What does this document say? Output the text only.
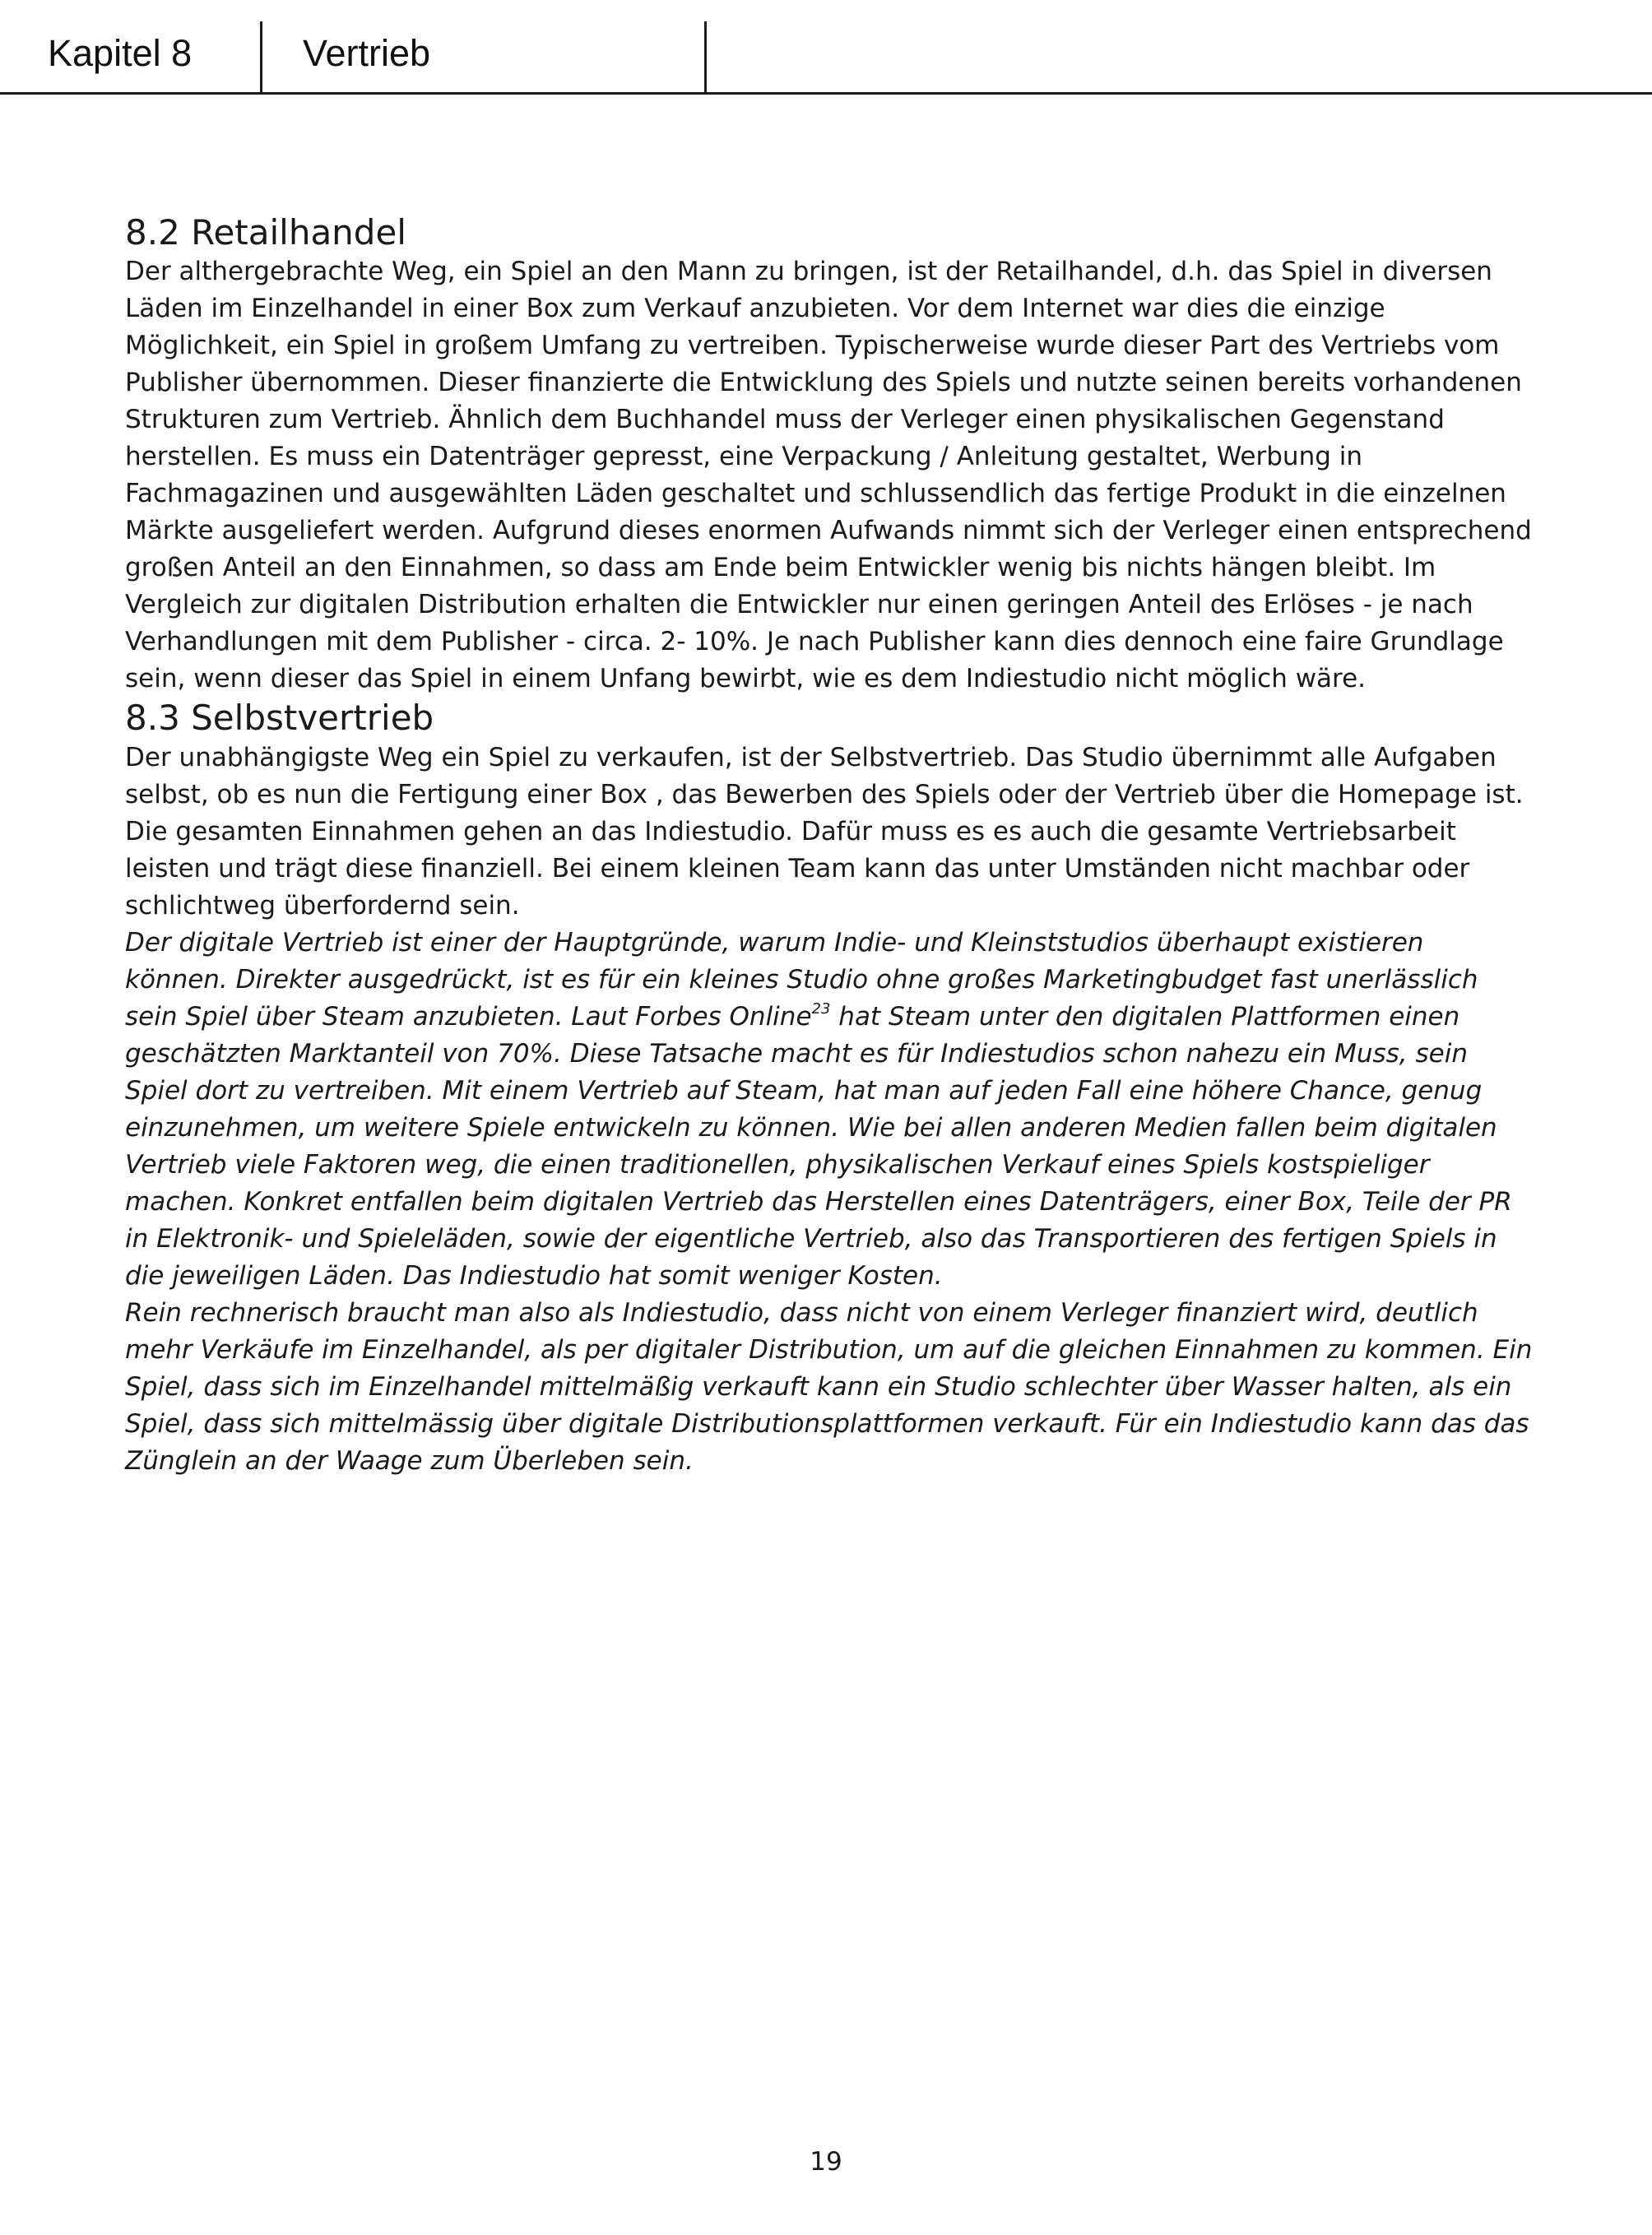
Kapitel 8	Vertrieb
8.2 Retailhandel

Der althergebrachte Weg, ein Spiel an den Mann zu bringen, ist der Retailhandel, d.h. das Spiel in diversen Läden im Einzelhandel in einer Box zum Verkauf anzubieten. Vor dem Internet war dies die einzige Möglichkeit, ein Spiel in großem Umfang zu vertreiben. Typischerweise wurde dieser Part des Vertriebs vom Publisher übernommen. Dieser finanzierte die Entwicklung des Spiels und nutzte seinen bereits vorhandenen Strukturen zum Vertrieb. Ähnlich dem Buchhandel muss der Verleger einen physikalischen Gegenstand herstellen. Es muss ein Datenträger gepresst, eine Verpackung / Anleitung gestaltet, Werbung in Fachmagazinen und ausgewählten Läden geschaltet und schlussendlich das fertige Produkt in die einzelnen Märkte ausgeliefert werden. Aufgrund dieses enormen Aufwands nimmt sich der Verleger einen entsprechend großen Anteil an den Einnahmen, so dass am Ende beim Entwickler wenig bis nichts hängen bleibt. Im Vergleich zur digitalen Distribution erhalten die Entwickler nur einen geringen Anteil des Erlöses - je nach Verhandlungen mit dem Publisher - circa. 2- 10%. Je nach Publisher kann dies dennoch eine faire Grundlage sein, wenn dieser das Spiel in einem Unfang bewirbt, wie es dem Indiestudio nicht möglich wäre.

8.3 Selbstvertrieb

Der unabhängigste Weg ein Spiel zu verkaufen, ist der Selbstvertrieb. Das Studio übernimmt alle Aufgaben selbst, ob es nun die Fertigung einer Box , das Bewerben des Spiels oder der Vertrieb über die Homepage ist. Die gesamten Einnahmen gehen an das Indiestudio. Dafür muss es es auch die gesamte Vertriebsarbeit leisten und trägt diese finanziell. Bei einem kleinen Team kann das unter Umständen nicht machbar oder schlichtweg überfordernd sein.

Der digitale Vertrieb ist einer der Hauptgründe, warum Indie- und Kleinststudios überhaupt existieren können. Direkter ausgedrückt, ist es für ein kleines Studio ohne großes Marketingbudget fast unerlässlich sein Spiel über Steam anzubieten. Laut Forbes Online$^{23}$ hat Steam unter den digitalen Plattformen einen geschätzten Marktanteil von 70%. Diese Tatsache macht es für Indiestudios schon nahezu ein Muss, sein Spiel dort zu vertreiben. Mit einem Vertrieb auf Steam, hat man auf jeden Fall eine höhere Chance, genug einzunehmen, um weitere Spiele entwickeln zu können. Wie bei allen anderen Medien fallen beim digitalen Vertrieb viele Faktoren weg, die einen traditionellen, physikalischen Verkauf eines Spiels kostspieliger machen. Konkret entfallen beim digitalen Vertrieb das Herstellen eines Datenträgers, einer Box, Teile der PR in Elektronik- und Spieleläden, sowie der eigentliche Vertrieb, also das Transportieren des fertigen Spiels in die jeweiligen Läden. Das Indiestudio hat somit weniger Kosten.
Rein rechnerisch braucht man also als Indiestudio, dass nicht von einem Verleger finanziert wird, deutlich mehr Verkäufe im Einzelhandel, als per digitaler Distribution, um auf die gleichen Einnahmen zu kommen. Ein Spiel, dass sich im Einzelhandel mittelmäßig verkauft kann ein Studio schlechter über Wasser halten, als ein Spiel, dass sich mittelmässig über digitale Distributionsplattformen verkauft. Für ein Indiestudio kann das das Zünglein an der Waage zum Überleben sein.

19
